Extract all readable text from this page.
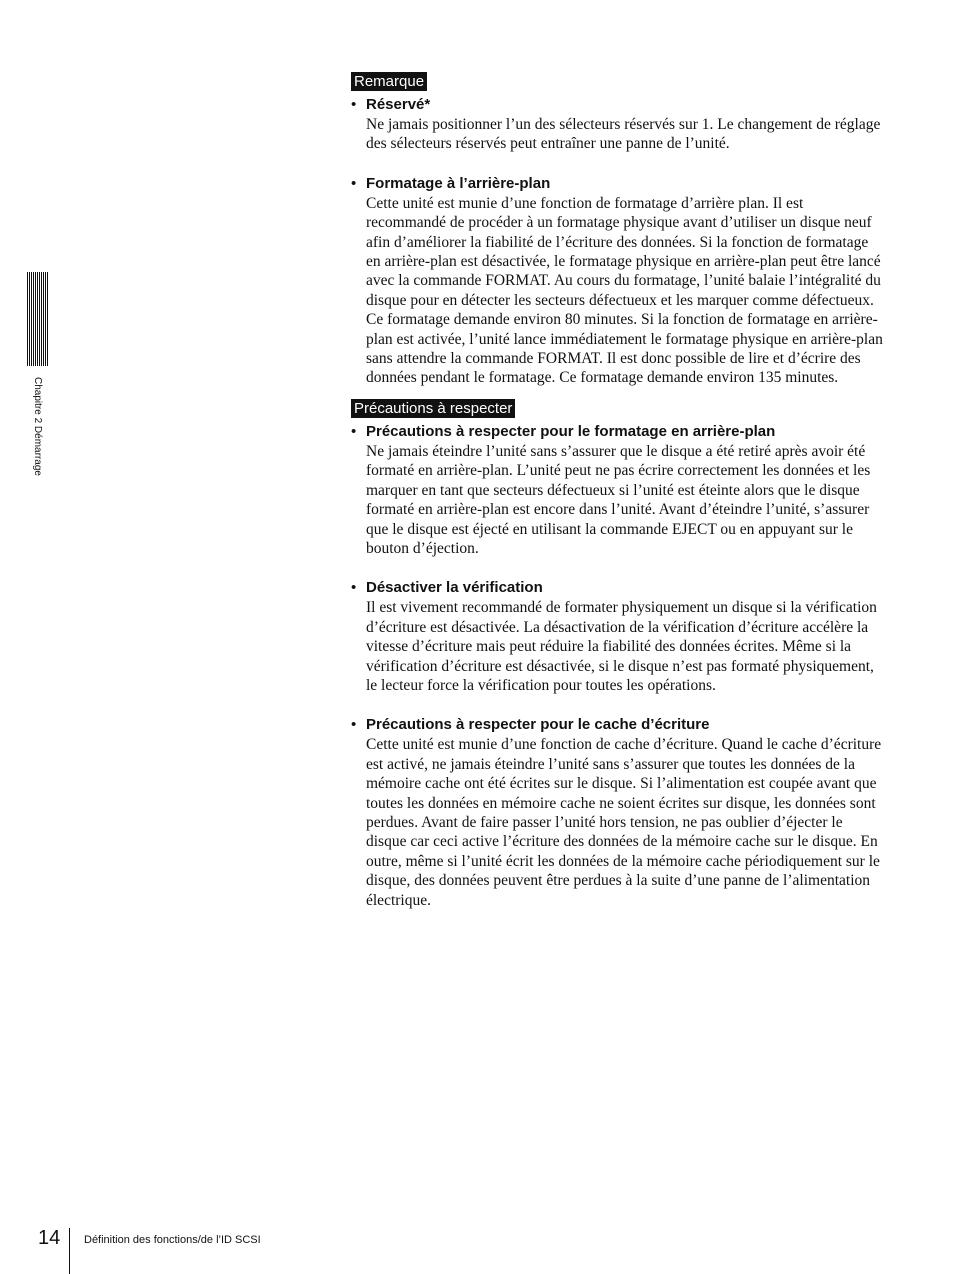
Chapitre 2 Démarrage
Remarque
• Réservé*

Ne jamais positionner l’un des sélecteurs réservés sur 1. Le changement de réglage des sélecteurs réservés peut entraîner une panne de l’unité.

• Formatage à l’arrière-plan

Cette unité est munie d’une fonction de formatage d’arrière plan. Il est recommandé de procéder à un formatage physique avant d’utiliser un disque neuf afin d’améliorer la fiabilité de l’écriture des données. Si la fonction de formatage en arrière-plan est désactivée, le formatage physique en arrière-plan peut être lancé avec la commande FORMAT. Au cours du formatage, l’unité balaie l’intégralité du disque pour en détecter les secteurs défectueux et les marquer comme défectueux. Ce formatage demande environ 80 minutes. Si la fonction de formatage en arrière-plan est activée, l’unité lance immédiatement le formatage physique en arrière-plan sans attendre la commande FORMAT. Il est donc possible de lire et d’écrire des données pendant le formatage. Ce formatage demande environ 135 minutes.

Précautions à respecter
• Précautions à respecter pour le formatage en arrière-plan

Ne jamais éteindre l’unité sans s’assurer que le disque a été retiré après avoir été formaté en arrière-plan. L’unité peut ne pas écrire correctement les données et les marquer en tant que secteurs défectueux si l’unité est éteinte alors que le disque formaté en arrière-plan est encore dans l’unité. Avant d’éteindre l’unité, s’assurer que le disque est éjecté en utilisant la commande EJECT ou en appuyant sur le bouton d’éjection.

• Désactiver la vérification

Il est vivement recommandé de formater physiquement un disque si la vérification d’écriture est désactivée. La désactivation de la vérification d’écriture accélère la vitesse d’écriture mais peut réduire la fiabilité des données écrites. Même si la vérification d’écriture est désactivée, si le disque n’est pas formaté physiquement, le lecteur force la vérification pour toutes les opérations.

• Précautions à respecter pour le cache d’écriture

Cette unité est munie d’une fonction de cache d’écriture. Quand le cache d’écriture est activé, ne jamais éteindre l’unité sans s’assurer que toutes les données de la mémoire cache ont été écrites sur le disque. Si l’alimentation est coupée avant que toutes les données en mémoire cache ne soient écrites sur disque, les données sont perdues. Avant de faire passer l’unité hors tension, ne pas oublier d’éjecter le disque car ceci active l’écriture des données de la mémoire cache sur le disque. En outre, même si l’unité écrit les données de la mémoire cache périodiquement sur le disque, des données peuvent être perdues à la suite d’une panne de l’alimentation électrique.

14 Définition des fonctions/de l’ID SCSI
